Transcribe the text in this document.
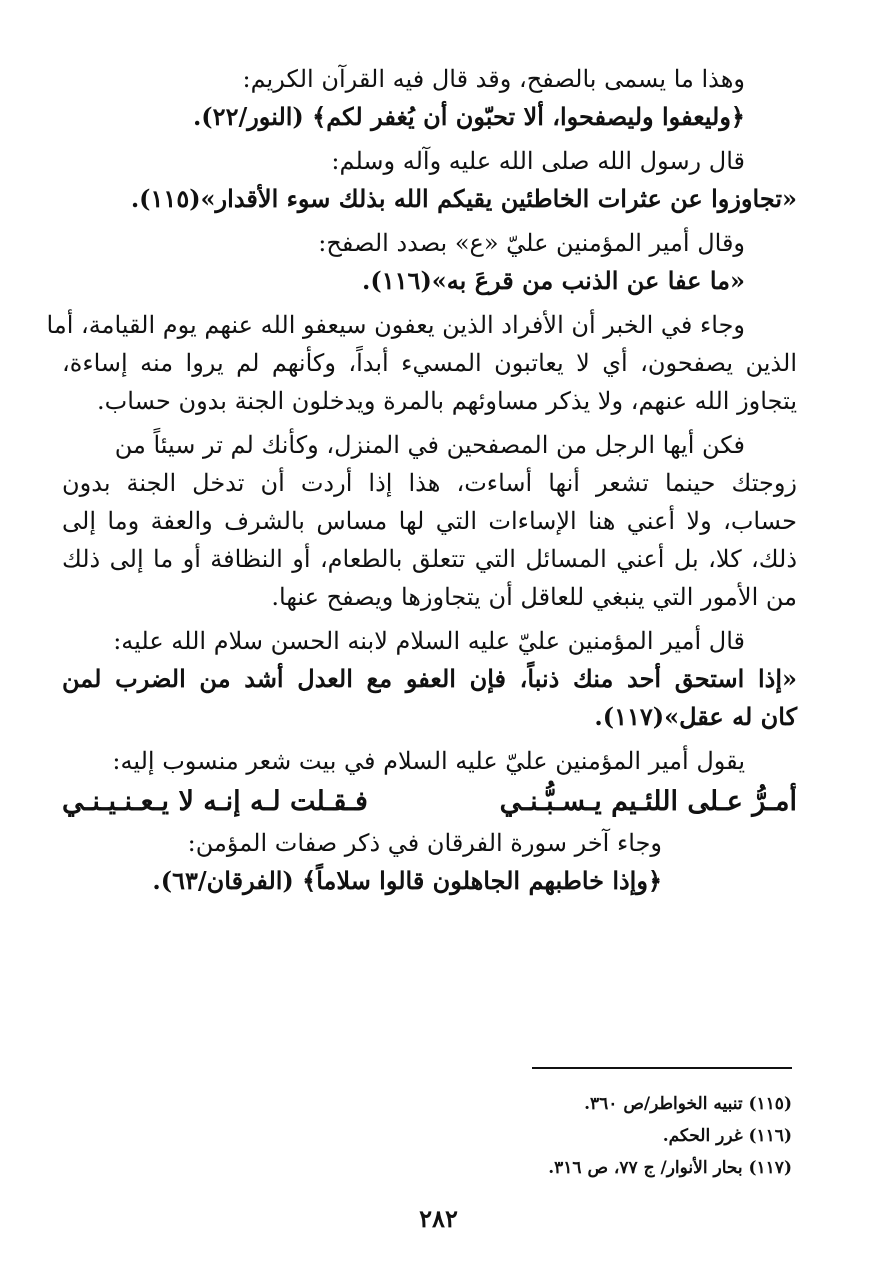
وهذا ما يسمى بالصفح، وقد قال فيه القرآن الكريم:
﴿وليعفوا وليصفحوا، ألا تحبّون أن يُغفر لكم﴾ (النور/٢٢).
قال رسول الله صلى الله عليه وآله وسلم:
«تجاوزوا عن عثرات الخاطئين يقيكم الله بذلك سوء الأقدار»(١١٥).
وقال أمير المؤمنين عليّ «ع» بصدد الصفح:
«ما عفا عن الذنب من قرعَ به»(١١٦).
وجاء في الخبر أن الأفراد الذين يعفون سيعفو الله عنهم يوم القيامة، أما
الذين يصفحون، أي لا يعاتبون المسيء أبداً، وكأنهم لم يروا منه إساءة،
يتجاوز الله عنهم، ولا يذكر مساوئهم بالمرة ويدخلون الجنة بدون حساب.
فكن أيها الرجل من المصفحين في المنزل، وكأنك لم تر سيئاً من
زوجتك حينما تشعر أنها أساءت، هذا إذا أردت أن تدخل الجنة بدون
حساب، ولا أعني هنا الإساءات التي لها مساس بالشرف والعفة وما إلى
ذلك، كلا، بل أعني المسائل التي تتعلق بالطعام، أو النظافة أو ما إلى ذلك
من الأمور التي ينبغي للعاقل أن يتجاوزها ويصفح عنها.
قال أمير المؤمنين عليّ عليه السلام لابنه الحسن سلام الله عليه:
«إذا استحق أحد منك ذنباً، فإن العفو مع العدل أشد من الضرب لمن
كان له عقل»(١١٧).
يقول أمير المؤمنين عليّ عليه السلام في بيت شعر منسوب إليه:
أمـرُّ عـلى اللئـيم يـسـبُّـنـي
فـقـلت لـه إنـه لا يـعـنـيـنـي
وجاء آخر سورة الفرقان في ذكر صفات المؤمن:
﴿وإذا خاطبهم الجاهلون قالوا سلاماً﴾ (الفرقان/٦٣).
(١١٥) تنبيه الخواطر/ص ٣٦٠.
(١١٦) غرر الحكم.
(١١٧) بحار الأنوار/ ج ٧٧، ص ٣١٦.
٢٨٢
